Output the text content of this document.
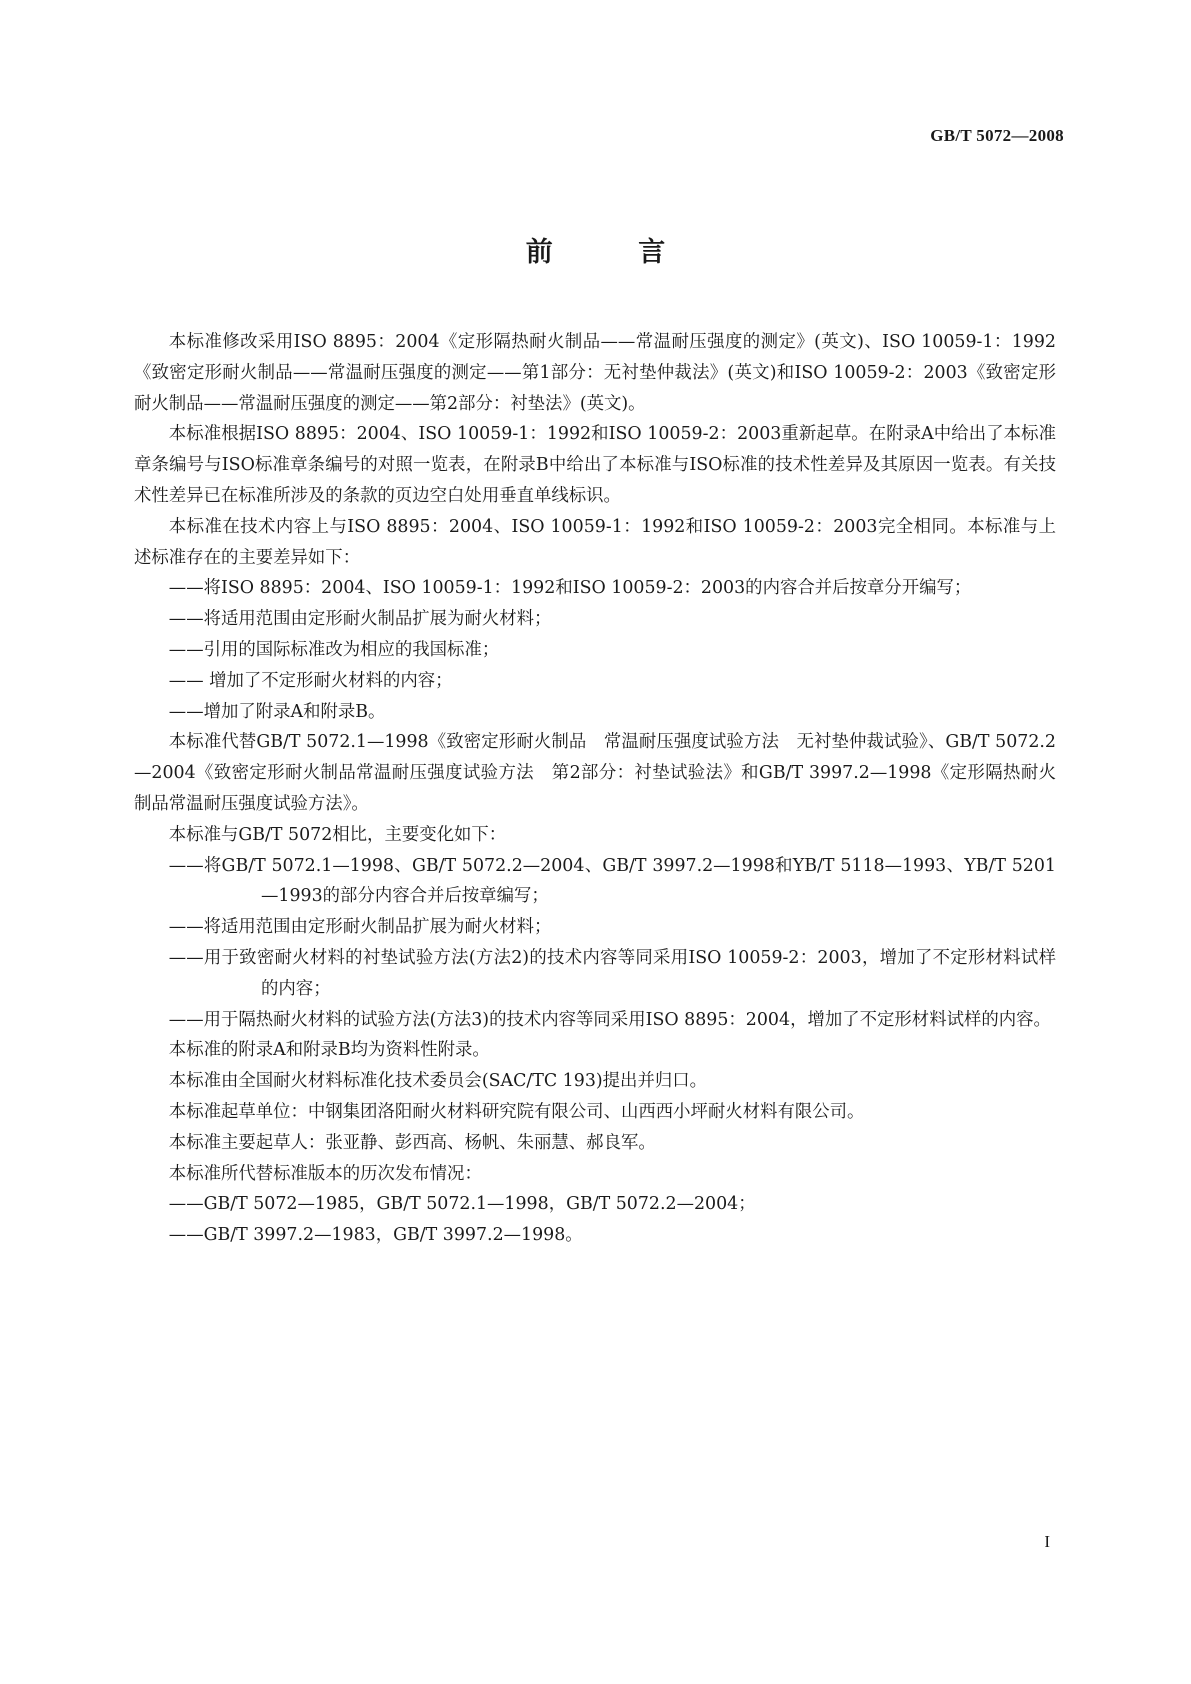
GB/T 5072—2008
前 言

本标准修改采用ISO 8895：2004《定形隔热耐火制品——常温耐压强度的测定》(英文)、ISO 10059-1：1992《致密定形耐火制品——常温耐压强度的测定——第1部分：无衬垫仲裁法》(英文)和ISO 10059-2：2003《致密定形耐火制品——常温耐压强度的测定——第2部分：衬垫法》(英文)。

本标准根据ISO 8895：2004、ISO 10059-1：1992和ISO 10059-2：2003重新起草。在附录A中给出了本标准章条编号与ISO标准章条编号的对照一览表，在附录B中给出了本标准与ISO标准的技术性差异及其原因一览表。有关技术性差异已在标准所涉及的条款的页边空白处用垂直单线标识。

本标准在技术内容上与ISO 8895：2004、ISO 10059-1：1992和ISO 10059-2：2003完全相同。本标准与上述标准存在的主要差异如下：

——将ISO 8895：2004、ISO 10059-1：1992和ISO 10059-2：2003的内容合并后按章分开编写；

——将适用范围由定形耐火制品扩展为耐火材料；

——引用的国际标准改为相应的我国标准；

—— 增加了不定形耐火材料的内容；

——增加了附录A和附录B。

本标准代替GB/T 5072.1—1998《致密定形耐火制品　常温耐压强度试验方法　无衬垫仲裁试验》、GB/T 5072.2—2004《致密定形耐火制品常温耐压强度试验方法　第2部分：衬垫试验法》和GB/T 3997.2—1998《定形隔热耐火制品常温耐压强度试验方法》。

本标准与GB/T 5072相比，主要变化如下：

——将GB/T 5072.1—1998、GB/T 5072.2—2004、GB/T 3997.2—1998和YB/T 5118—1993、YB/T 5201—1993的部分内容合并后按章编写；

——将适用范围由定形耐火制品扩展为耐火材料；

——用于致密耐火材料的衬垫试验方法(方法2)的技术内容等同采用ISO 10059-2：2003，增加了不定形材料试样的内容；

——用于隔热耐火材料的试验方法(方法3)的技术内容等同采用ISO 8895：2004，增加了不定形材料试样的内容。

本标准的附录A和附录B均为资料性附录。

本标准由全国耐火材料标准化技术委员会(SAC/TC 193)提出并归口。

本标准起草单位：中钢集团洛阳耐火材料研究院有限公司、山西西小坪耐火材料有限公司。

本标准主要起草人：张亚静、彭西高、杨帆、朱丽慧、郝良军。

本标准所代替标准版本的历次发布情况：

——GB/T 5072—1985，GB/T 5072.1—1998，GB/T 5072.2—2004；

——GB/T 3997.2—1983，GB/T 3997.2—1998。

I
